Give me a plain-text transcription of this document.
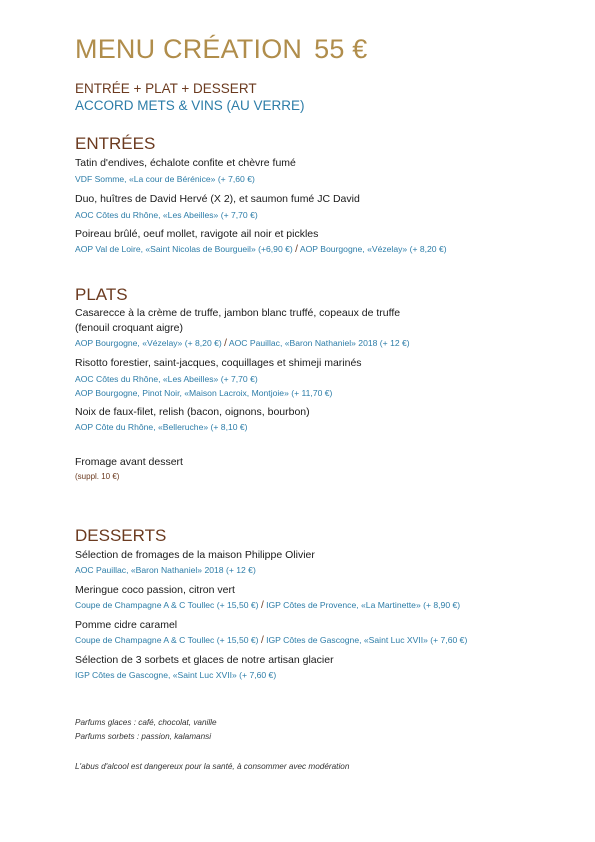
MENU CRÉATION 55 €
ENTRÉE + PLAT + DESSERT
ACCORD METS & VINS (AU VERRE)
ENTRÉES
Tatin d'endives, échalote confite et chèvre fumé
VDF Somme, «La cour de Bérénice» (+ 7,60 €)
Duo, huîtres de David Hervé (X 2), et saumon fumé JC David
AOC Côtes du Rhône, «Les Abeilles» (+ 7,70 €)
Poireau brûlé, oeuf mollet, ravigote ail noir et pickles
AOP Val de Loire, «Saint Nicolas de Bourgueil» (+6,90 €) / AOP Bourgogne, «Vézelay» (+ 8,20 €)
PLATS
Casarecce à la crème de truffe, jambon blanc truffé, copeaux de truffe
(fenouil croquant aigre)
AOP Bourgogne, «Vézelay» (+ 8,20 €) / AOC Pauillac, «Baron Nathaniel» 2018 (+ 12 €)
Risotto forestier, saint-jacques, coquillages et shimeji marinés
AOC Côtes du Rhône, «Les Abeilles» (+ 7,70 €)
AOP Bourgogne, Pinot Noir, «Maison Lacroix, Montjoie» (+ 11,70 €)
Noix de faux-filet, relish (bacon, oignons, bourbon)
AOP Côte du Rhône, «Belleruche» (+ 8,10 €)
Fromage avant dessert
(suppl. 10 €)
DESSERTS
Sélection de fromages de la maison Philippe Olivier
AOC Pauillac, «Baron Nathaniel» 2018 (+ 12 €)
Meringue coco passion, citron vert
Coupe de Champagne A & C Toullec (+ 15,50 €) / IGP Côtes de Provence, «La Martinette» (+ 8,90 €)
Pomme cidre caramel
Coupe de Champagne A & C Toullec (+ 15,50 €) / IGP Côtes de Gascogne, «Saint Luc XVII» (+ 7,60 €)
Sélection de 3 sorbets et glaces de notre artisan glacier
IGP Côtes de Gascogne, «Saint Luc XVII» (+ 7,60 €)
Parfums glaces : café, chocolat, vanille
Parfums sorbets : passion, kalamansi
L'abus d'alcool est dangereux pour la santé, à consommer avec modération
